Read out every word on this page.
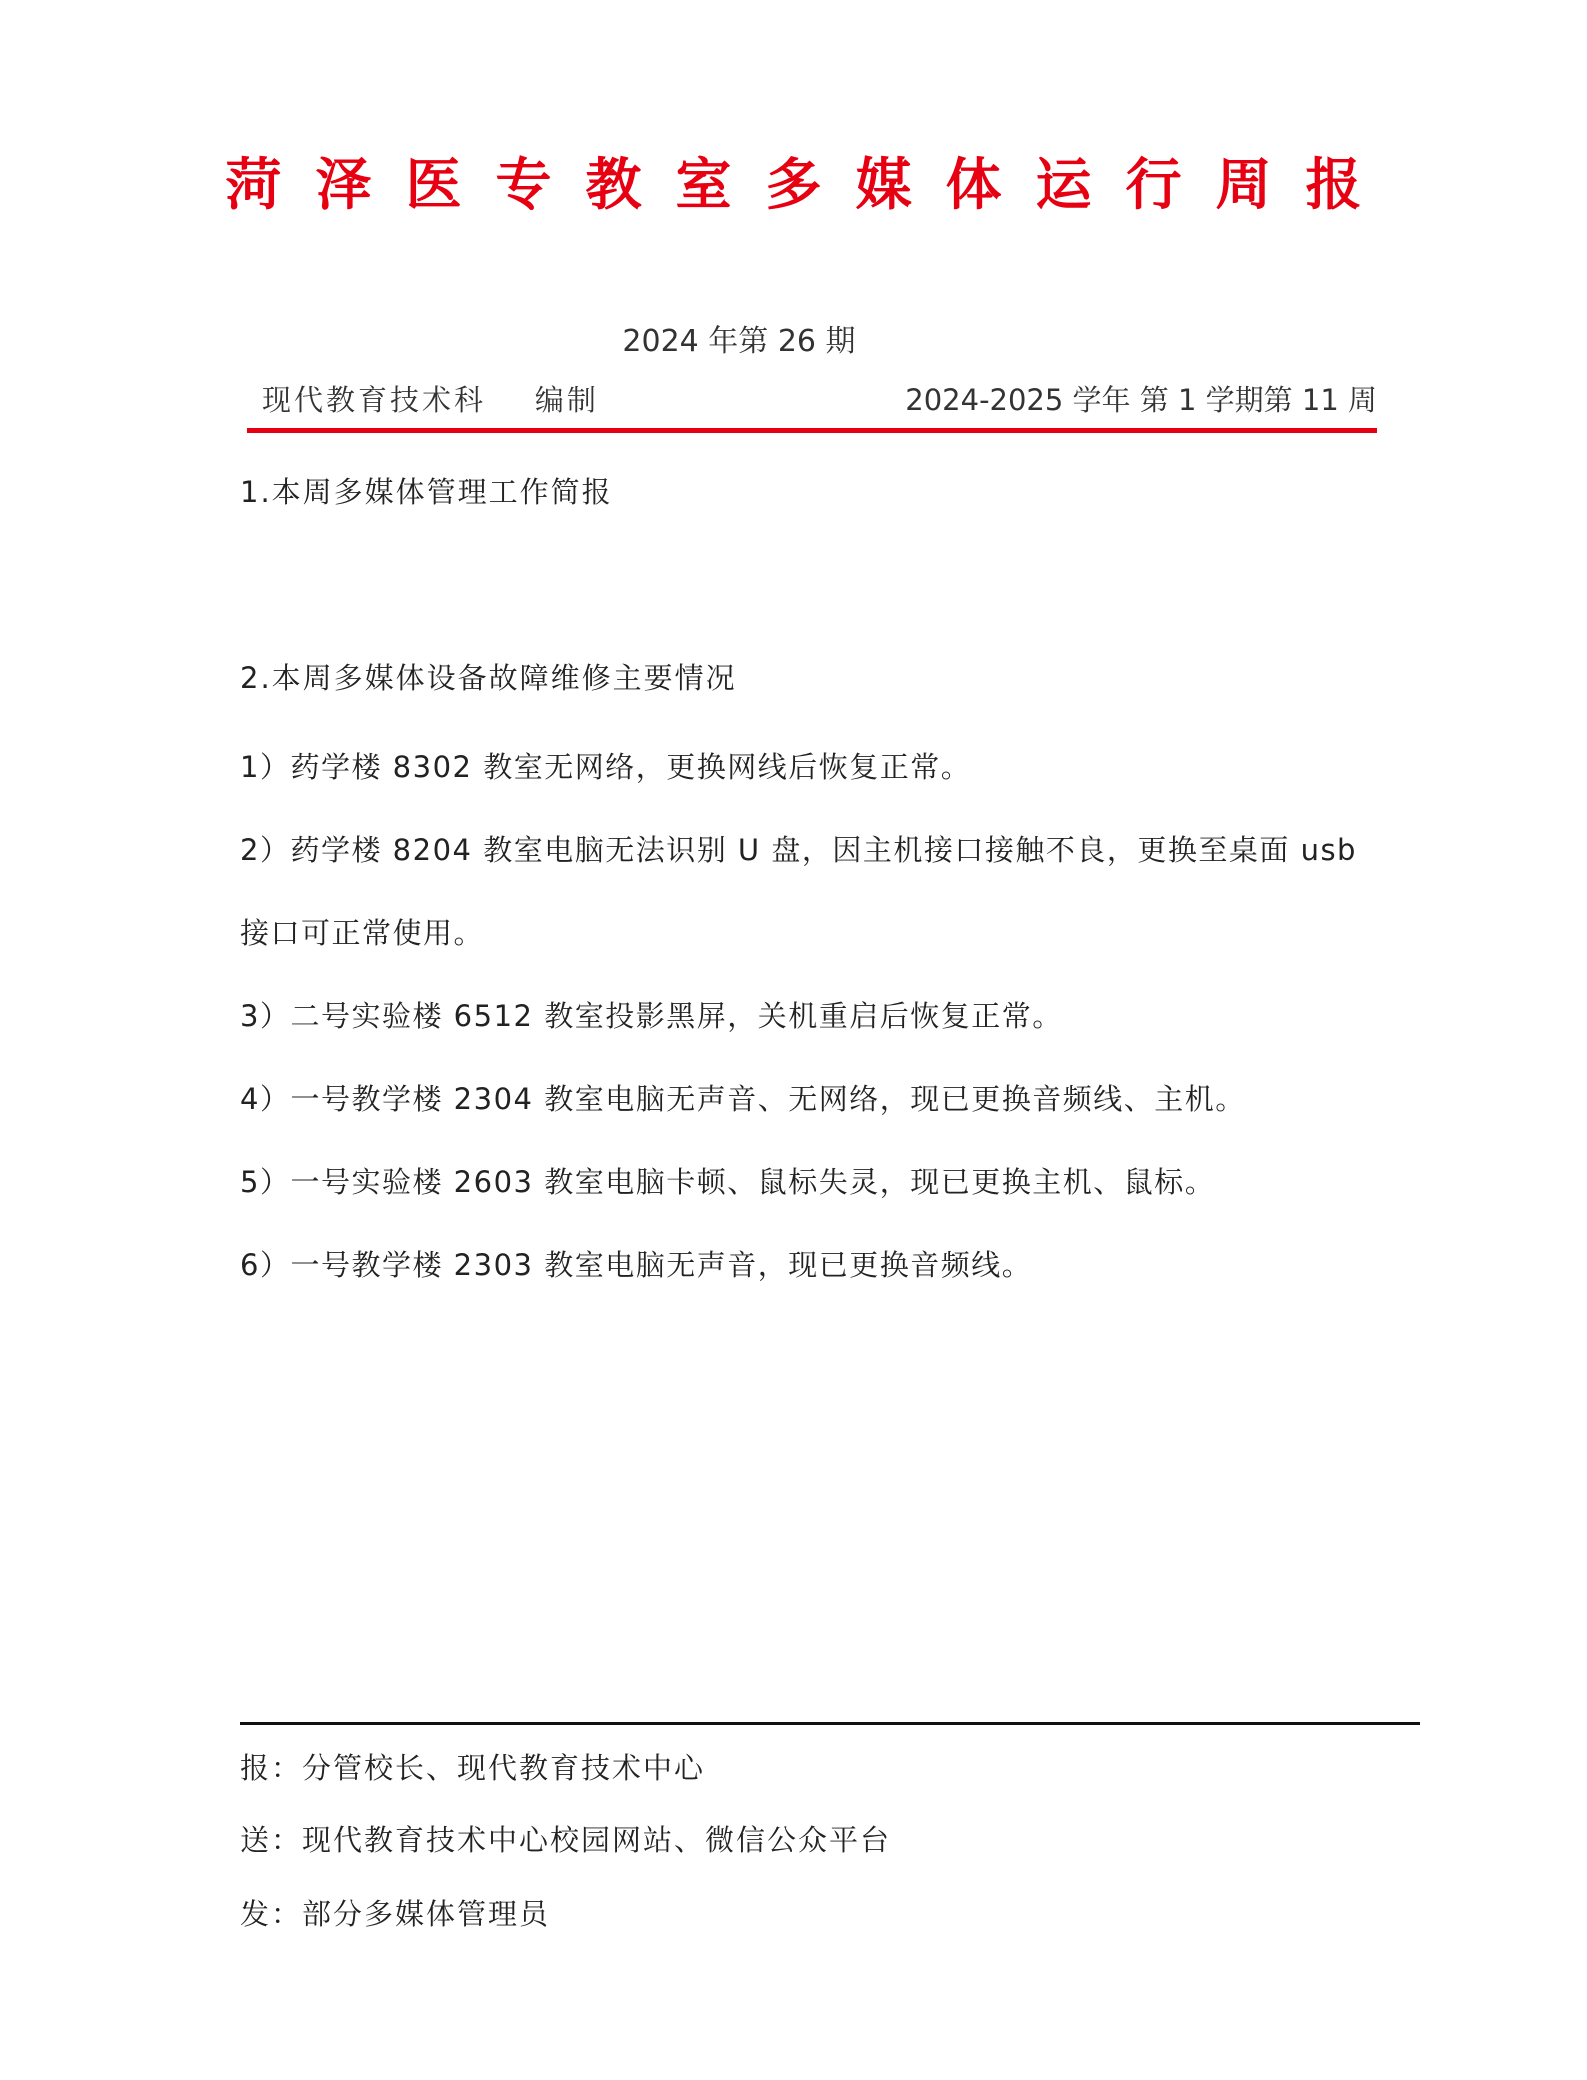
菏泽医专教室多媒体运行周报
2024 年第 26 期
现代教育技术科    编制	2024-2025 学年 第 1 学期第 11 周
1.本周多媒体管理工作简报
2.本周多媒体设备故障维修主要情况
1）药学楼 8302 教室无网络，更换网线后恢复正常。
2）药学楼 8204 教室电脑无法识别 U 盘，因主机接口接触不良，更换至桌面 usb 接口可正常使用。
3）二号实验楼 6512 教室投影黑屏，关机重启后恢复正常。
4）一号教学楼 2304 教室电脑无声音、无网络，现已更换音频线、主机。
5）一号实验楼 2603 教室电脑卡顿、鼠标失灵，现已更换主机、鼠标。
6）一号教学楼 2303 教室电脑无声音，现已更换音频线。
报：分管校长、现代教育技术中心
送：现代教育技术中心校园网站、微信公众平台
发：部分多媒体管理员
